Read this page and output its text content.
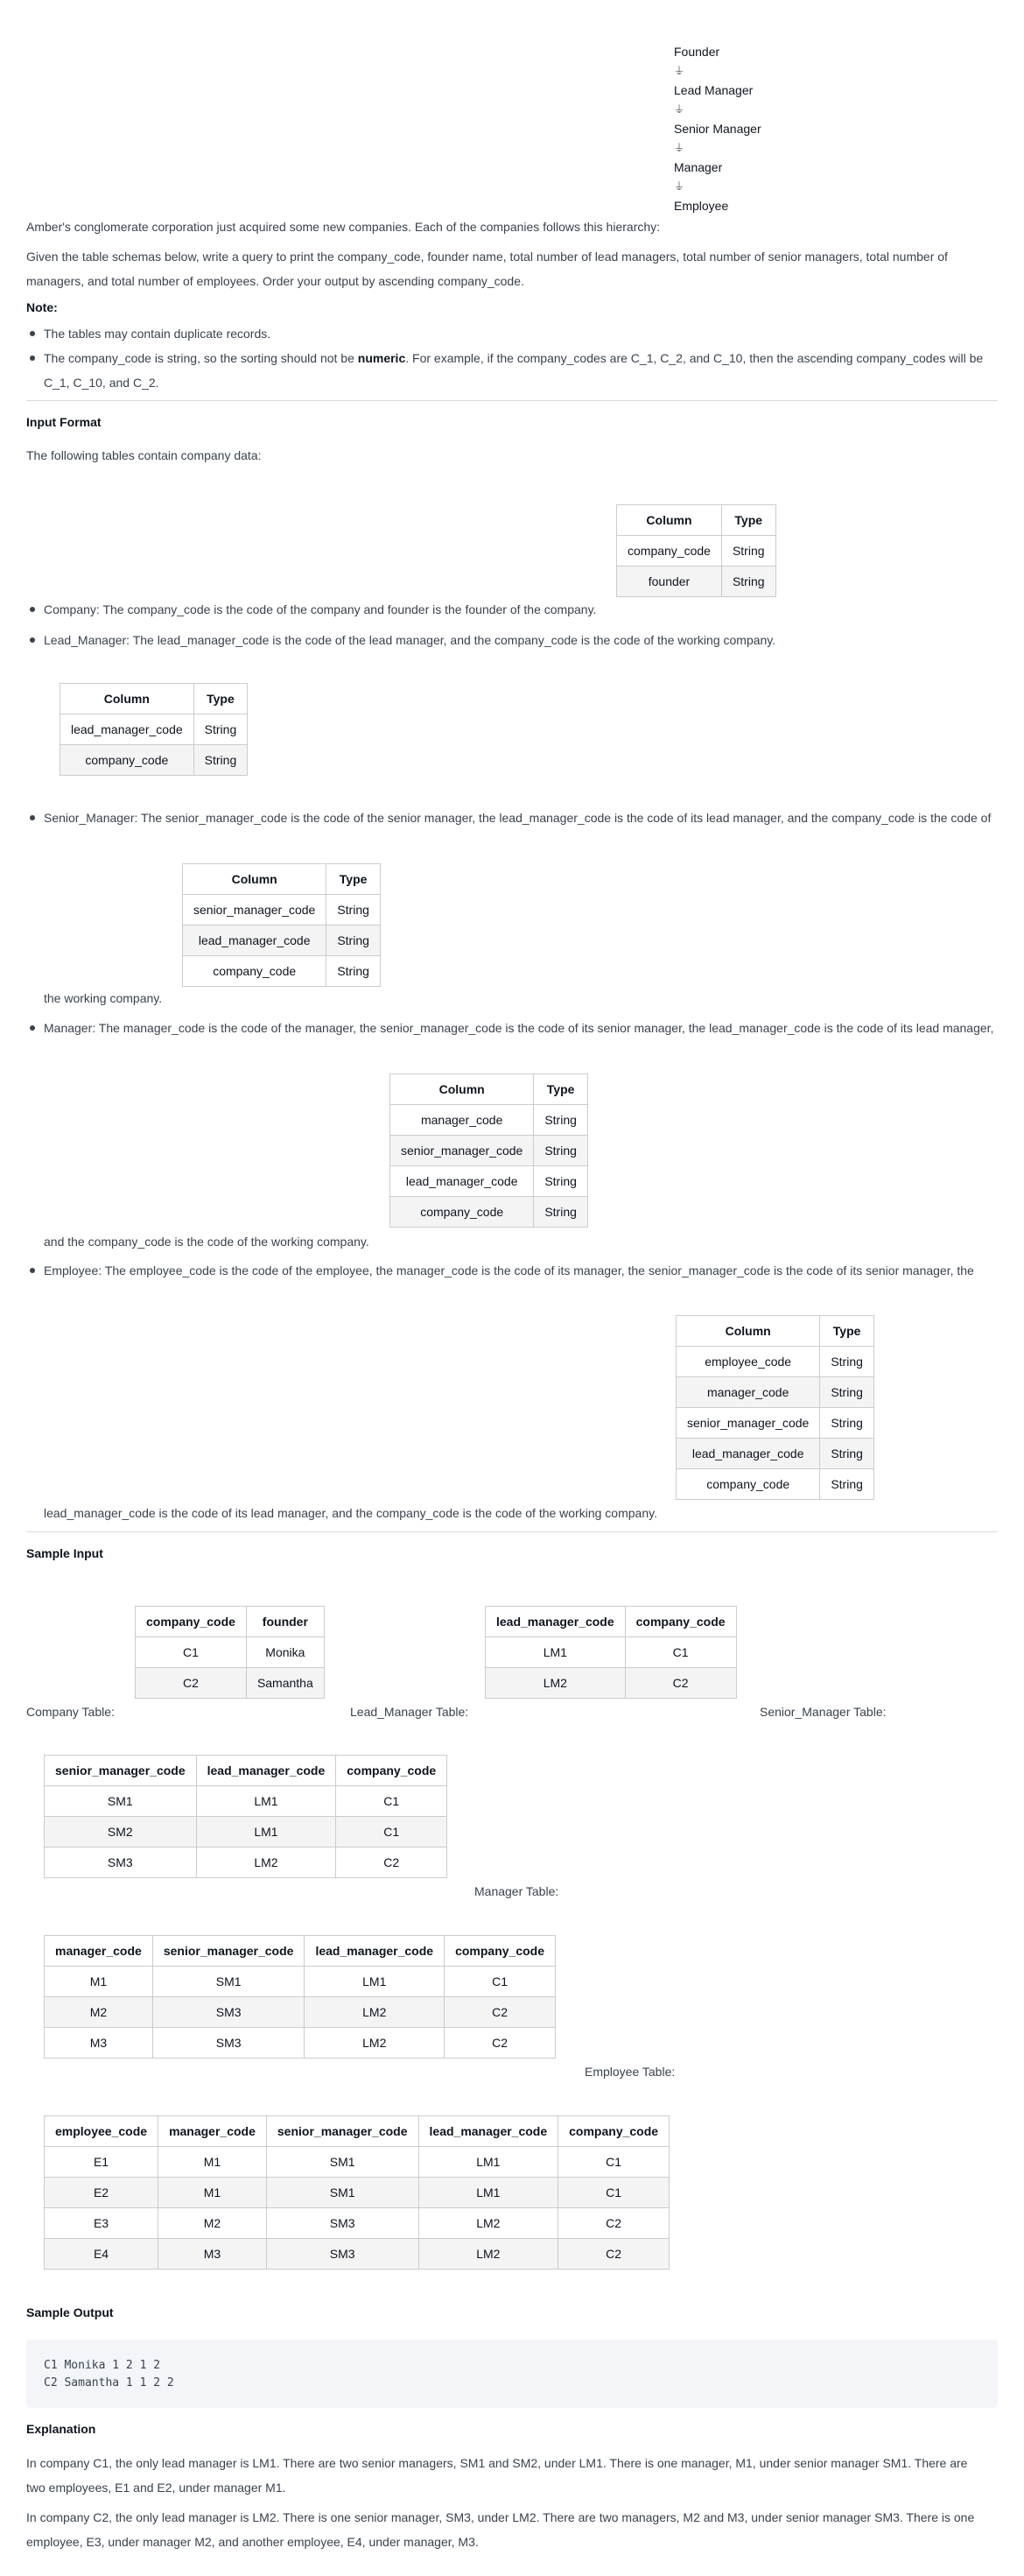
Founder
⏚
Lead Manager
⏚
Senior Manager
⏚
Manager
⏚
Employee
Amber's conglomerate corporation just acquired some new companies. Each of the companies follows this hierarchy:
Given the table schemas below, write a query to print the company_code, founder name, total number of lead managers, total number of senior managers, total number of managers, and total number of employees. Order your output by ascending company_code.
Note:
The tables may contain duplicate records.
The company_code is string, so the sorting should not be numeric. For example, if the company_codes are C_1, C_2, and C_10, then the ascending company_codes will be C_1, C_10, and C_2.
Input Format
The following tables contain company data:
Column	Type
company_code	String
founder	String
Company: The company_code is the code of the company and founder is the founder of the company.
Lead_Manager: The lead_manager_code is the code of the lead manager, and the company_code is the code of the working company.
Column	Type
lead_manager_code	String
company_code	String
Senior_Manager: The senior_manager_code is the code of the senior manager, the lead_manager_code is the code of its lead manager, and the company_code is the code of
Column	Type
senior_manager_code	String
lead_manager_code	String
company_code	String
the working company.
Manager: The manager_code is the code of the manager, the senior_manager_code is the code of its senior manager, the lead_manager_code is the code of its lead manager,
Column	Type
manager_code	String
senior_manager_code	String
lead_manager_code	String
company_code	String
and the company_code is the code of the working company.
Employee: The employee_code is the code of the employee, the manager_code is the code of its manager, the senior_manager_code is the code of its senior manager, the
Column	Type
employee_code	String
manager_code	String
senior_manager_code	String
lead_manager_code	String
company_code	String
lead_manager_code is the code of its lead manager, and the company_code is the code of the working company.
Sample Input
company_code	founder
C1	Monika
C2	Samantha
lead_manager_code	company_code
LM1	C1
LM2	C2
Company Table:	Lead_Manager Table:	Senior_Manager Table:
senior_manager_code	lead_manager_code	company_code
SM1	LM1	C1
SM2	LM1	C1
SM3	LM2	C2
Manager Table:
manager_code	senior_manager_code	lead_manager_code	company_code
M1	SM1	LM1	C1
M2	SM3	LM2	C2
M3	SM3	LM2	C2
Employee Table:
employee_code	manager_code	senior_manager_code	lead_manager_code	company_code
E1	M1	SM1	LM1	C1
E2	M1	SM1	LM1	C1
E3	M2	SM3	LM2	C2
E4	M3	SM3	LM2	C2
Sample Output
C1 Monika 1 2 1 2
C2 Samantha 1 1 2 2
Explanation
In company C1, the only lead manager is LM1. There are two senior managers, SM1 and SM2, under LM1. There is one manager, M1, under senior manager SM1. There are two employees, E1 and E2, under manager M1.
In company C2, the only lead manager is LM2. There is one senior manager, SM3, under LM2. There are two managers, M2 and M3, under senior manager SM3. There is one employee, E3, under manager M2, and another employee, E4, under manager, M3.
